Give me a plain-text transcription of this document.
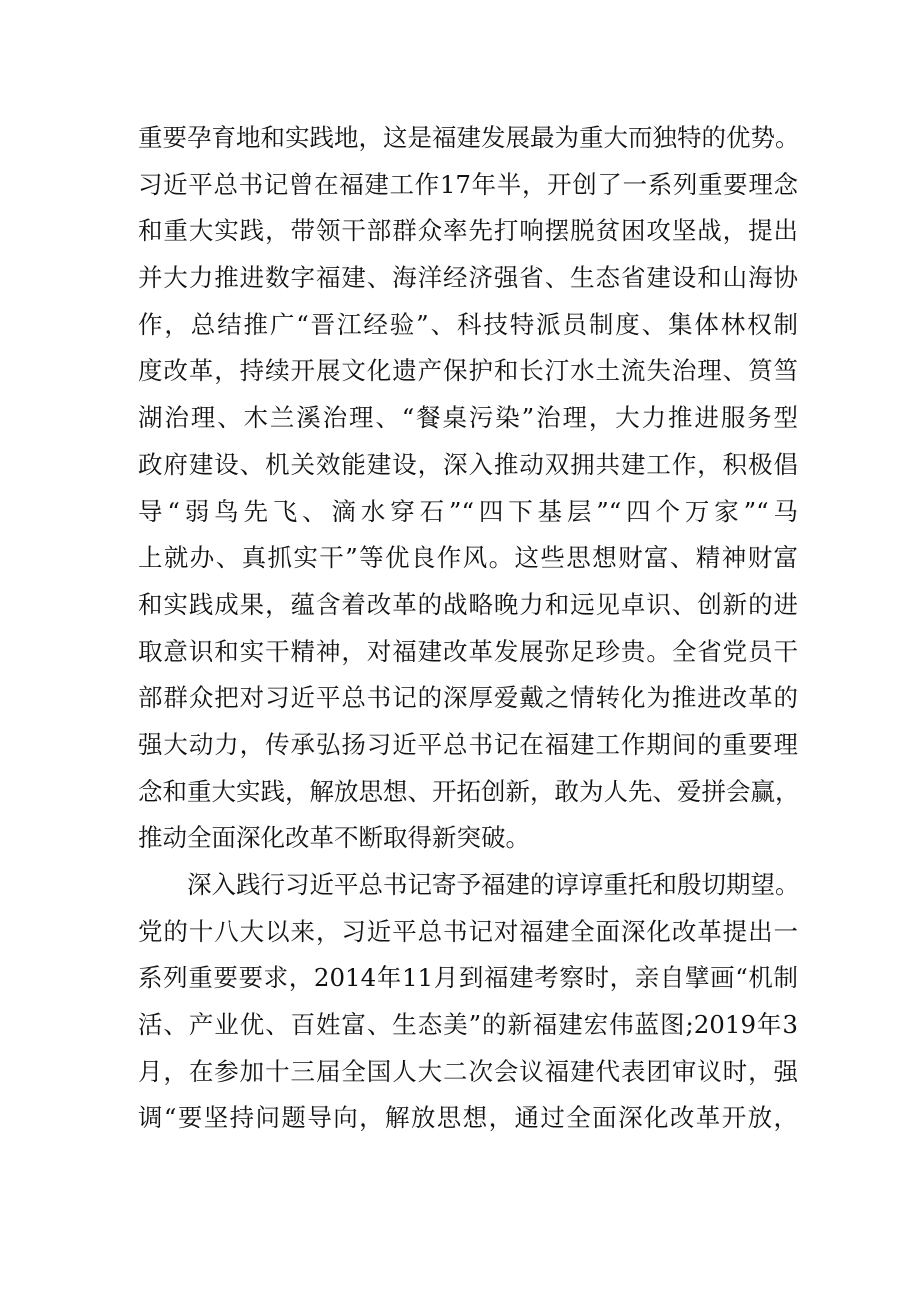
重要孕育地和实践地，这是福建发展最为重大而独特的优势。
习近平总书记曾在福建工作17年半，开创了一系列重要理念
和重大实践，带领干部群众率先打响摆脱贫困攻坚战，提出
并大力推进数字福建、海洋经济强省、生态省建设和山海协
作，总结推广“晋江经验”、科技特派员制度、集体林权制
度改革，持续开展文化遗产保护和长汀水土流失治理、筼筜
湖治理、木兰溪治理、“餐桌污染”治理，大力推进服务型
政府建设、机关效能建设，深入推动双拥共建工作，积极倡
导“弱鸟先飞、滴水穿石”“四下基层”“四个万家”“马
上就办、真抓实干”等优良作风。这些思想财富、精神财富
和实践成果，蕴含着改革的战略晚力和远见卓识、创新的进
取意识和实干精神，对福建改革发展弥足珍贵。全省党员干
部群众把对习近平总书记的深厚爱戴之情转化为推进改革的
强大动力，传承弘扬习近平总书记在福建工作期间的重要理
念和重大实践，解放思想、开拓创新，敢为人先、爱拼会赢，
推动全面深化改革不断取得新突破。
深入践行习近平总书记寄予福建的谆谆重托和殷切期望。
党的十八大以来，习近平总书记对福建全面深化改革提出一
系列重要要求，2014年11月到福建考察时，亲自擘画“机制
活、产业优、百姓富、生态美”的新福建宏伟蓝图;2019年3
月，在参加十三届全国人大二次会议福建代表团审议时，强
调“要坚持问题导向，解放思想，通过全面深化改革开放，
